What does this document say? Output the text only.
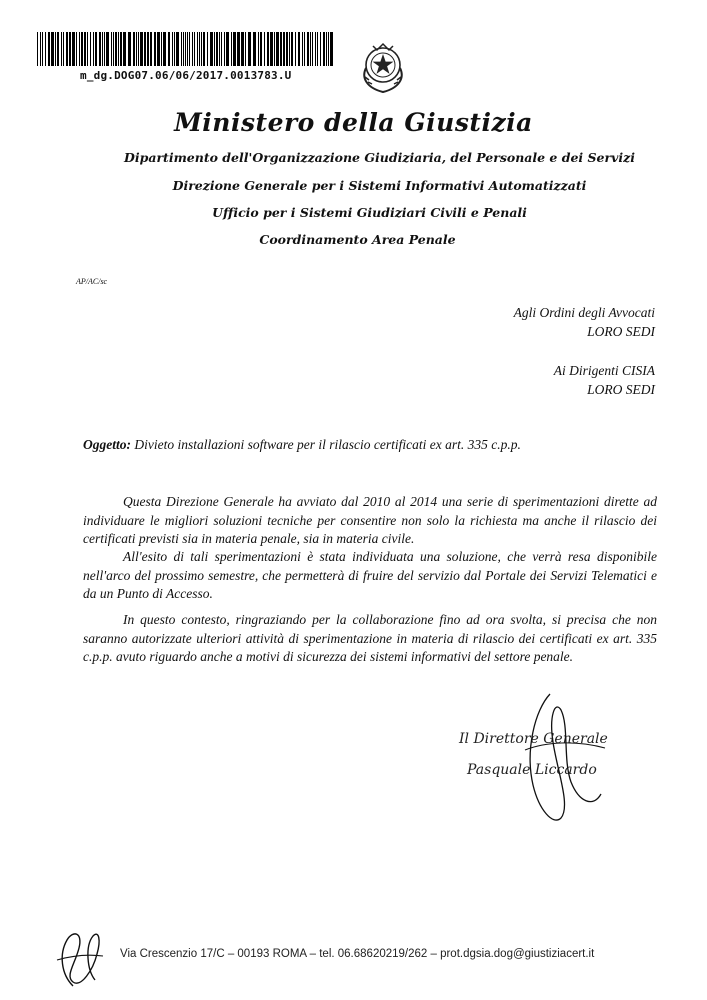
m_dg.DOG07.06/06/2017.0013783.U
Ministero della Giustizia
Dipartimento dell'Organizzazione Giudiziaria, del Personale e dei Servizi
Direzione Generale per i Sistemi Informativi Automatizzati
Ufficio per i Sistemi Giudiziari Civili e Penali
Coordinamento Area Penale
AP/AC/sc
Agli Ordini degli Avvocati
LORO SEDI
Ai Dirigenti CISIA
LORO SEDI
Oggetto: Divieto installazioni software per il rilascio certificati ex art. 335 c.p.p.
Questa Direzione Generale ha avviato dal 2010 al 2014 una serie di sperimentazioni dirette ad individuare le migliori soluzioni tecniche per consentire non solo la richiesta ma anche il rilascio dei certificati previsti sia in materia penale, sia in materia civile.
All'esito di tali sperimentazioni è stata individuata una soluzione, che verrà resa disponibile nell'arco del prossimo semestre, che permetterà di fruire del servizio dal Portale dei Servizi Telematici e da un Punto di Accesso.
In questo contesto, ringraziando per la collaborazione fino ad ora svolta, si precisa che non saranno autorizzate ulteriori attività di sperimentazione in materia di rilascio dei certificati ex art. 335 c.p.p. avuto riguardo anche a motivi di sicurezza dei sistemi informativi del settore penale.
Il Direttore Generale
Pasquale Liccardo
Via Crescenzio 17/C – 00193 ROMA – tel. 06.68620219/262 – prot.dgsia.dog@giustiziacert.it
